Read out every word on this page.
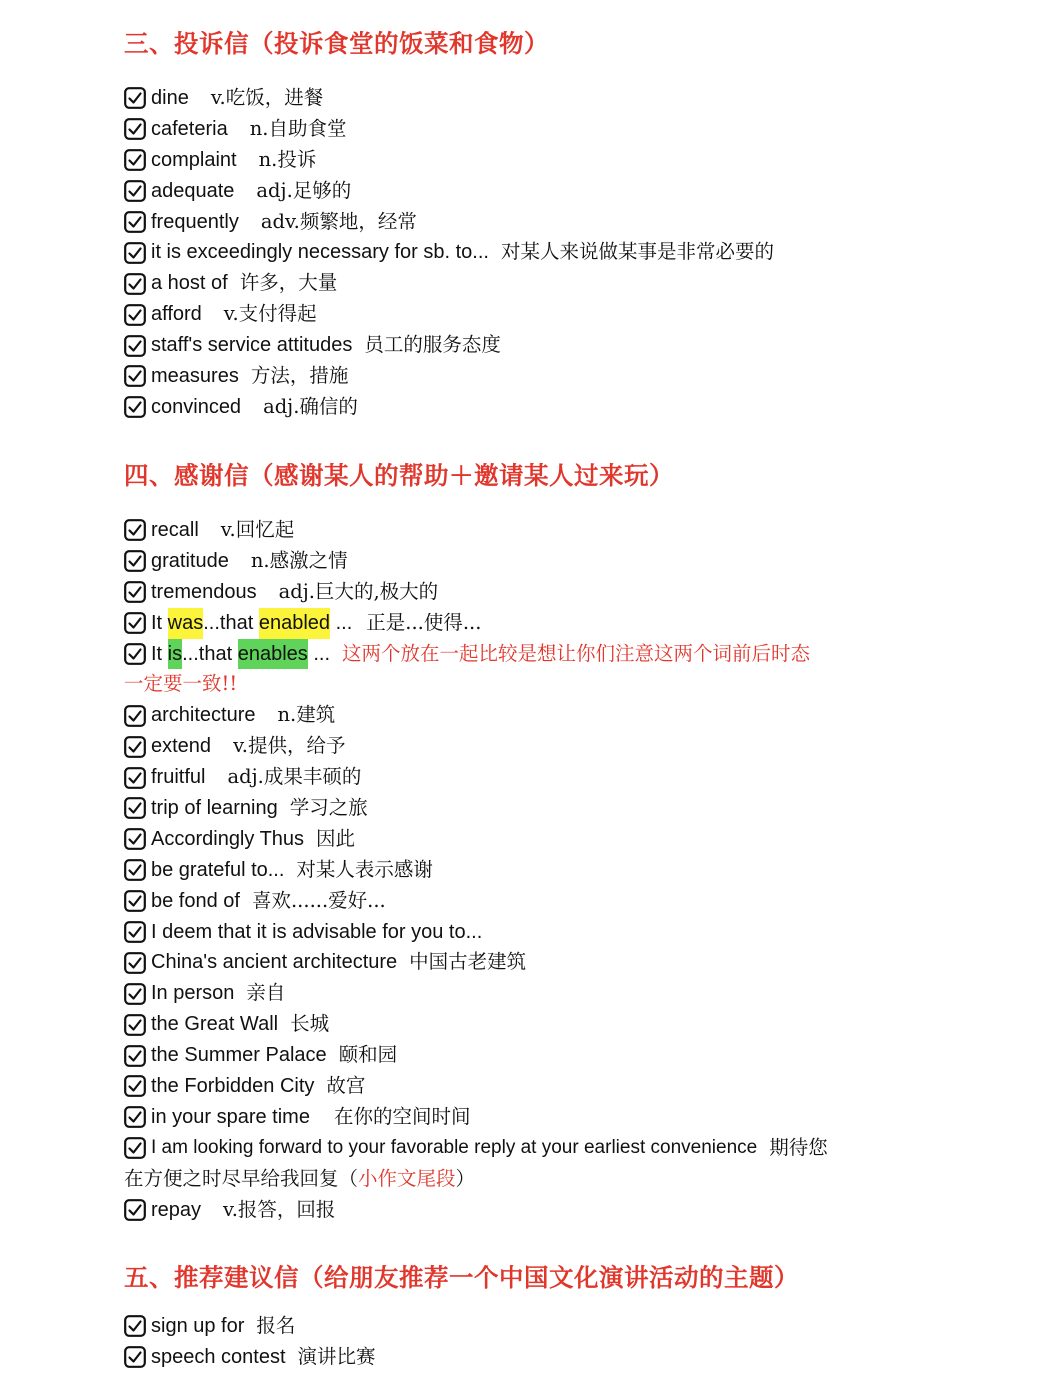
三、投诉信（投诉食堂的饭菜和食物）
dine v.吃饭，进餐
cafeteria n.自助食堂
complaint n.投诉
adequate adj.足够的
frequently adv.频繁地，经常
it is exceedingly necessary for sb. to... 对某人来说做某事是非常必要的
a host of 许多，大量
afford v.支付得起
staff's service attitudes 员工的服务态度
measures 方法，措施
convinced adj.确信的
四、感谢信（感谢某人的帮助＋邀请某人过来玩）
recall v.回忆起
gratitude n.感激之情
tremendous adj.巨大的,极大的
It was ...that enabled ... 正是...使得...
It is ...that enables ... 这两个放在一起比较是想让你们注意这两个词前后时态
一定要一致!!
architecture n.建筑
extend v.提供，给予
fruitful adj.成果丰硕的
trip of learning 学习之旅
Accordingly Thus 因此
be grateful to... 对某人表示感谢
be fond of 喜欢......爱好...
I deem that it is advisable for you to...
China's ancient architecture 中国古老建筑
In person 亲自
the Great Wall 长城
the Summer Palace 颐和园
the Forbidden City 故宫
in your spare time 在你的空间时间
I am looking forward to your favorable reply at your earliest convenience 期待您
在方便之时尽早给我回复（小作文尾段）
repay v.报答，回报
五、推荐建议信（给朋友推荐一个中国文化演讲活动的主题）
sign up for 报名
speech contest 演讲比赛
